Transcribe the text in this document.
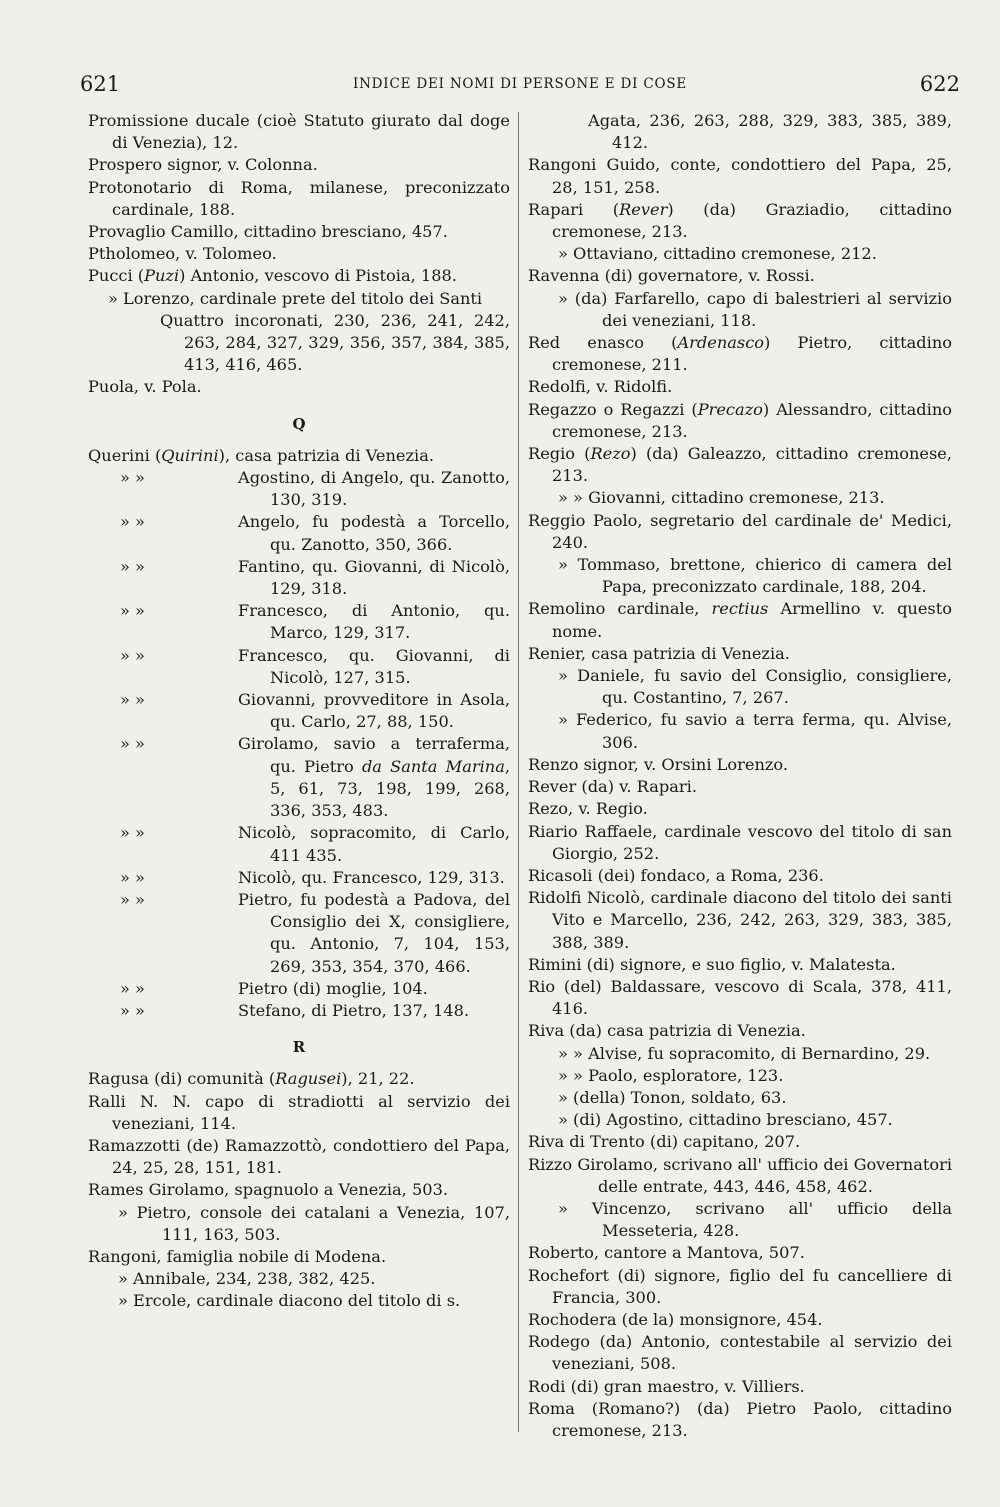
621	INDICE DEI NOMI DI PERSONE E DI COSE	622

Promissione ducale (cioè Statuto giurato dal doge di Venezia), 12.

Prospero signor, v. Colonna.

Protonotario di Roma, milanese, preconizzato cardinale, 188.

Provaglio Camillo, cittadino bresciano, 457.

Ptholomeo, v. Tolomeo.

Pucci (Puzi) Antonio, vescovo di Pistoia, 188.

» Lorenzo, cardinale prete del titolo dei Santi

Quattro incoronati, 230, 236, 241, 242, 263, 284, 327, 329, 356, 357, 384, 385, 413, 416, 465.

Puola, v. Pola.

Q

Querini (Quirini), casa patrizia di Venezia.

» »	Agostino, di Angelo, qu. Zanotto, 130, 319.

» »	Angelo, fu podestà a Torcello, qu. Zanotto, 350, 366.

» »	Fantino, qu. Giovanni, di Nicolò, 129, 318.

» »	Francesco, di Antonio, qu. Marco, 129, 317.

» »	Francesco, qu. Giovanni, di Nicolò, 127, 315.

» »	Giovanni, provveditore in Asola, qu. Carlo, 27, 88, 150.

» »	Girolamo, savio a terraferma, qu. Pietro da Santa Marina, 5, 61, 73, 198, 199, 268, 336, 353, 483.

» »	Nicolò, sopracomito, di Carlo, 411 435.

» »	Nicolò, qu. Francesco, 129, 313.

» »	Pietro, fu podestà a Padova, del Consiglio dei X, consigliere, qu. Antonio, 7, 104, 153, 269, 353, 354, 370, 466.

» »	Pietro (di) moglie, 104.

» »	Stefano, di Pietro, 137, 148.

R

Ragusa (di) comunità (Ragusei), 21, 22.

Ralli N. N. capo di stradiotti al servizio dei veneziani, 114.

Ramazzotti (de) Ramazzottò, condottiero del Papa, 24, 25, 28, 151, 181.

Rames Girolamo, spagnuolo a Venezia, 503.

» Pietro, console dei catalani a Venezia, 107, 111, 163, 503.

Rangoni, famiglia nobile di Modena.

» Annibale, 234, 238, 382, 425.

» Ercole, cardinale diacono del titolo di s.

Agata, 236, 263, 288, 329, 383, 385, 389, 412.

Rangoni Guido, conte, condottiero del Papa, 25, 28, 151, 258.

Rapari (Rever) (da) Graziadio, cittadino cremonese, 213.

» Ottaviano, cittadino cremonese, 212.

Ravenna (di) governatore, v. Rossi.

» (da) Farfarello, capo di balestrieri al servizio dei veneziani, 118.

Red enasco (Ardenasco) Pietro, cittadino cremonese, 211.

Redolfi, v. Ridolfi.

Regazzo o Regazzi (Precazo) Alessandro, cittadino cremonese, 213.

Regio (Rezo) (da) Galeazzo, cittadino cremonese, 213.

» » Giovanni, cittadino cremonese, 213.

Reggio Paolo, segretario del cardinale de' Medici, 240.

» Tommaso, brettone, chierico di camera del Papa, preconizzato cardinale, 188, 204.

Remolino cardinale, rectius Armellino v. questo nome.

Renier, casa patrizia di Venezia.

» Daniele, fu savio del Consiglio, consigliere, qu. Costantino, 7, 267.

» Federico, fu savio a terra ferma, qu. Alvise, 306.

Renzo signor, v. Orsini Lorenzo.

Rever (da) v. Rapari.

Rezo, v. Regio.

Riario Raffaele, cardinale vescovo del titolo di san Giorgio, 252.

Ricasoli (dei) fondaco, a Roma, 236.

Ridolfi Nicolò, cardinale diacono del titolo dei santi Vito e Marcello, 236, 242, 263, 329, 383, 385, 388, 389.

Rimini (di) signore, e suo figlio, v. Malatesta.

Rio (del) Baldassare, vescovo di Scala, 378, 411, 416.

Riva (da) casa patrizia di Venezia.

» » Alvise, fu sopracomito, di Bernardino, 29.

» » Paolo, esploratore, 123.

» (della) Tonon, soldato, 63.

» (di) Agostino, cittadino bresciano, 457.

Riva di Trento (di) capitano, 207.

Rizzo Girolamo, scrivano all' ufficio dei Governatori

delle entrate, 443, 446, 458, 462.

» Vincenzo, scrivano all' ufficio della Messeteria, 428.

Roberto, cantore a Mantova, 507.

Rochefort (di) signore, figlio del fu cancelliere di Francia, 300.

Rochodera (de la) monsignore, 454.

Rodego (da) Antonio, contestabile al servizio dei veneziani, 508.

Rodi (di) gran maestro, v. Villiers.

Roma (Romano?) (da) Pietro Paolo, cittadino cremonese, 213.
